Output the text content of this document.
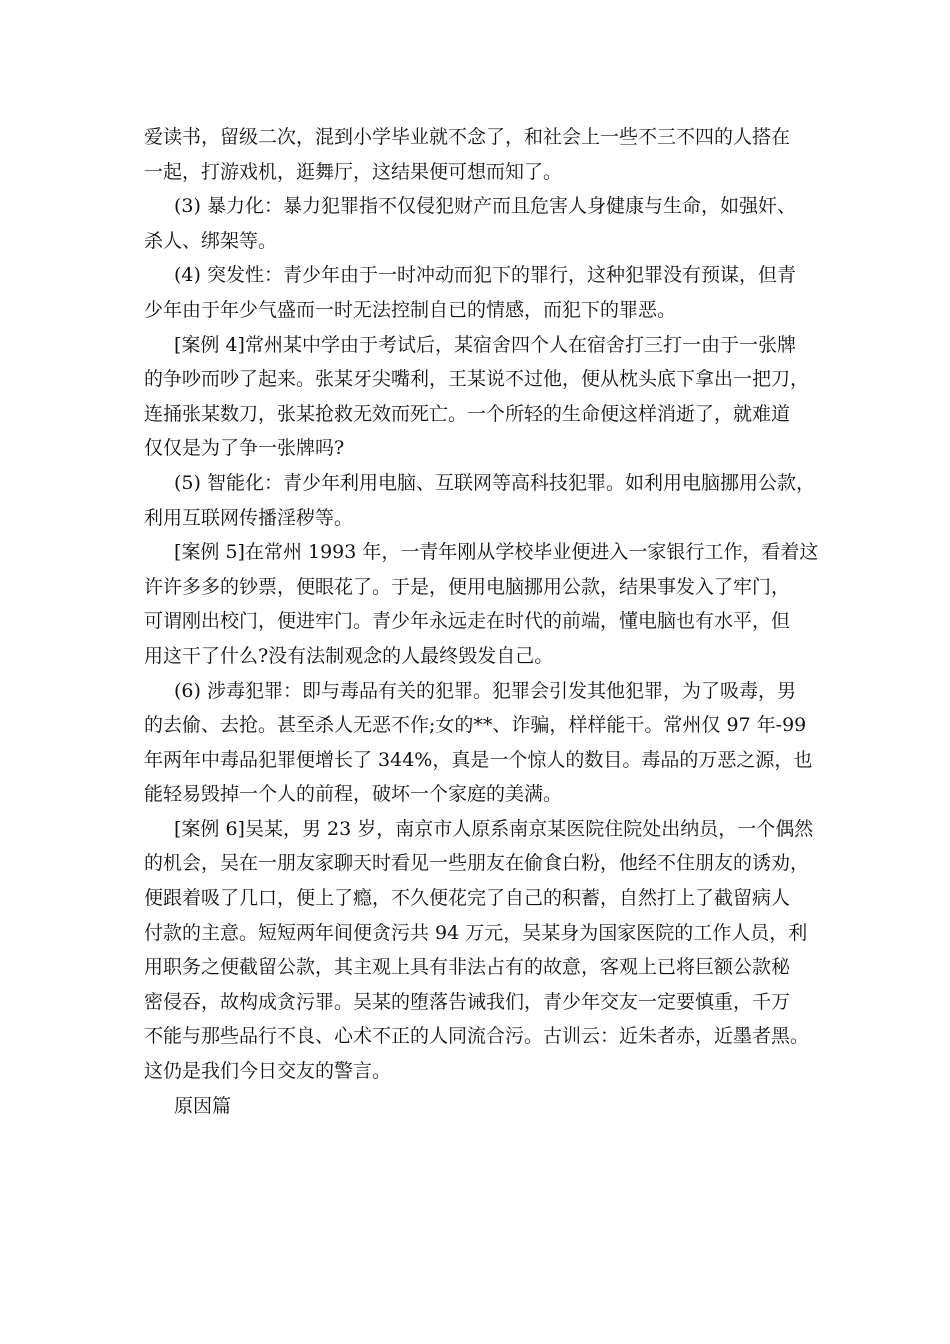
爱读书，留级二次，混到小学毕业就不念了，和社会上一些不三不四的人搭在
一起，打游戏机，逛舞厅，这结果便可想而知了。
(3) 暴力化：暴力犯罪指不仅侵犯财产而且危害人身健康与生命，如强奸、
杀人、绑架等。
(4) 突发性：青少年由于一时冲动而犯下的罪行，这种犯罪没有预谋，但青
少年由于年少气盛而一时无法控制自已的情感，而犯下的罪恶。
[案例 4]常州某中学由于考试后，某宿舍四个人在宿舍打三打一由于一张牌
的争吵而吵了起来。张某牙尖嘴利，王某说不过他，便从枕头底下拿出一把刀，
连捅张某数刀，张某抢救无效而死亡。一个所轻的生命便这样消逝了，就难道
仅仅是为了争一张牌吗?
(5) 智能化：青少年利用电脑、互联网等高科技犯罪。如利用电脑挪用公款，
利用互联网传播淫秽等。
[案例 5]在常州 1993 年，一青年刚从学校毕业便进入一家银行工作，看着这
许许多多的钞票，便眼花了。于是，便用电脑挪用公款，结果事发入了牢门，
可谓刚出校门，便进牢门。青少年永远走在时代的前端，懂电脑也有水平，但
用这干了什么?没有法制观念的人最终毁发自己。
(6) 涉毒犯罪：即与毒品有关的犯罪。犯罪会引发其他犯罪，为了吸毒，男
的去偷、去抢。甚至杀人无恶不作;女的**、诈骗，样样能干。常州仅 97 年-99
年两年中毒品犯罪便增长了 344%，真是一个惊人的数目。毒品的万恶之源，也
能轻易毁掉一个人的前程，破坏一个家庭的美满。
[案例 6]吴某，男 23 岁，南京市人原系南京某医院住院处出纳员，一个偶然
的机会，吴在一朋友家聊天时看见一些朋友在偷食白粉，他经不住朋友的诱劝，
便跟着吸了几口，便上了瘾，不久便花完了自己的积蓄，自然打上了截留病人
付款的主意。短短两年间便贪污共 94 万元，吴某身为国家医院的工作人员，利
用职务之便截留公款，其主观上具有非法占有的故意，客观上已将巨额公款秘
密侵吞，故构成贪污罪。吴某的堕落告诫我们，青少年交友一定要慎重，千万
不能与那些品行不良、心术不正的人同流合污。古训云：近朱者赤，近墨者黑。
这仍是我们今日交友的警言。
原因篇
